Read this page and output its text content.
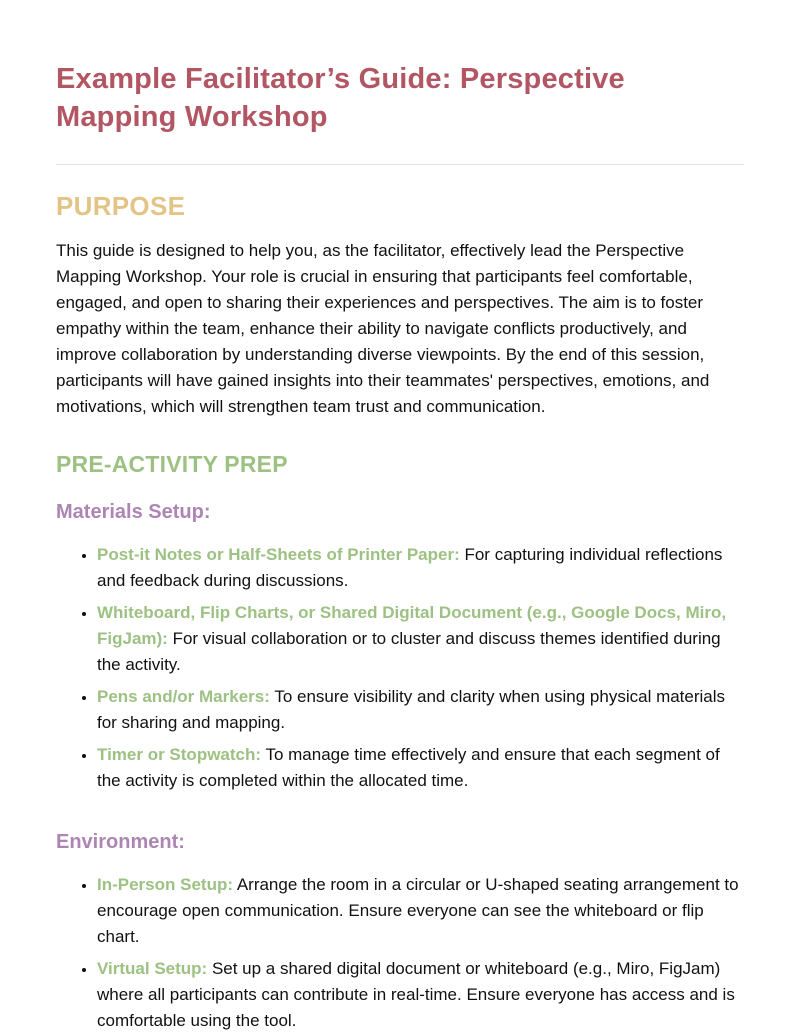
Example Facilitator’s Guide: Perspective Mapping Workshop
PURPOSE

This guide is designed to help you, as the facilitator, effectively lead the Perspective Mapping Workshop. Your role is crucial in ensuring that participants feel comfortable, engaged, and open to sharing their experiences and perspectives. The aim is to foster empathy within the team, enhance their ability to navigate conflicts productively, and improve collaboration by understanding diverse viewpoints. By the end of this session, participants will have gained insights into their teammates' perspectives, emotions, and motivations, which will strengthen team trust and communication.

PRE-ACTIVITY PREP
Materials Setup:
• Post-it Notes or Half-Sheets of Printer Paper: For capturing individual reflections and feedback during discussions.
• Whiteboard, Flip Charts, or Shared Digital Document (e.g., Google Docs, Miro, FigJam): For visual collaboration or to cluster and discuss themes identified during the activity.
• Pens and/or Markers: To ensure visibility and clarity when using physical materials for sharing and mapping.
• Timer or Stopwatch: To manage time effectively and ensure that each segment of the activity is completed within the allocated time.
Environment:
• In-Person Setup: Arrange the room in a circular or U-shaped seating arrangement to encourage open communication. Ensure everyone can see the whiteboard or flip chart.
• Virtual Setup: Set up a shared digital document or whiteboard (e.g., Miro, FigJam) where all participants can contribute in real-time. Ensure everyone has access and is comfortable using the tool.
